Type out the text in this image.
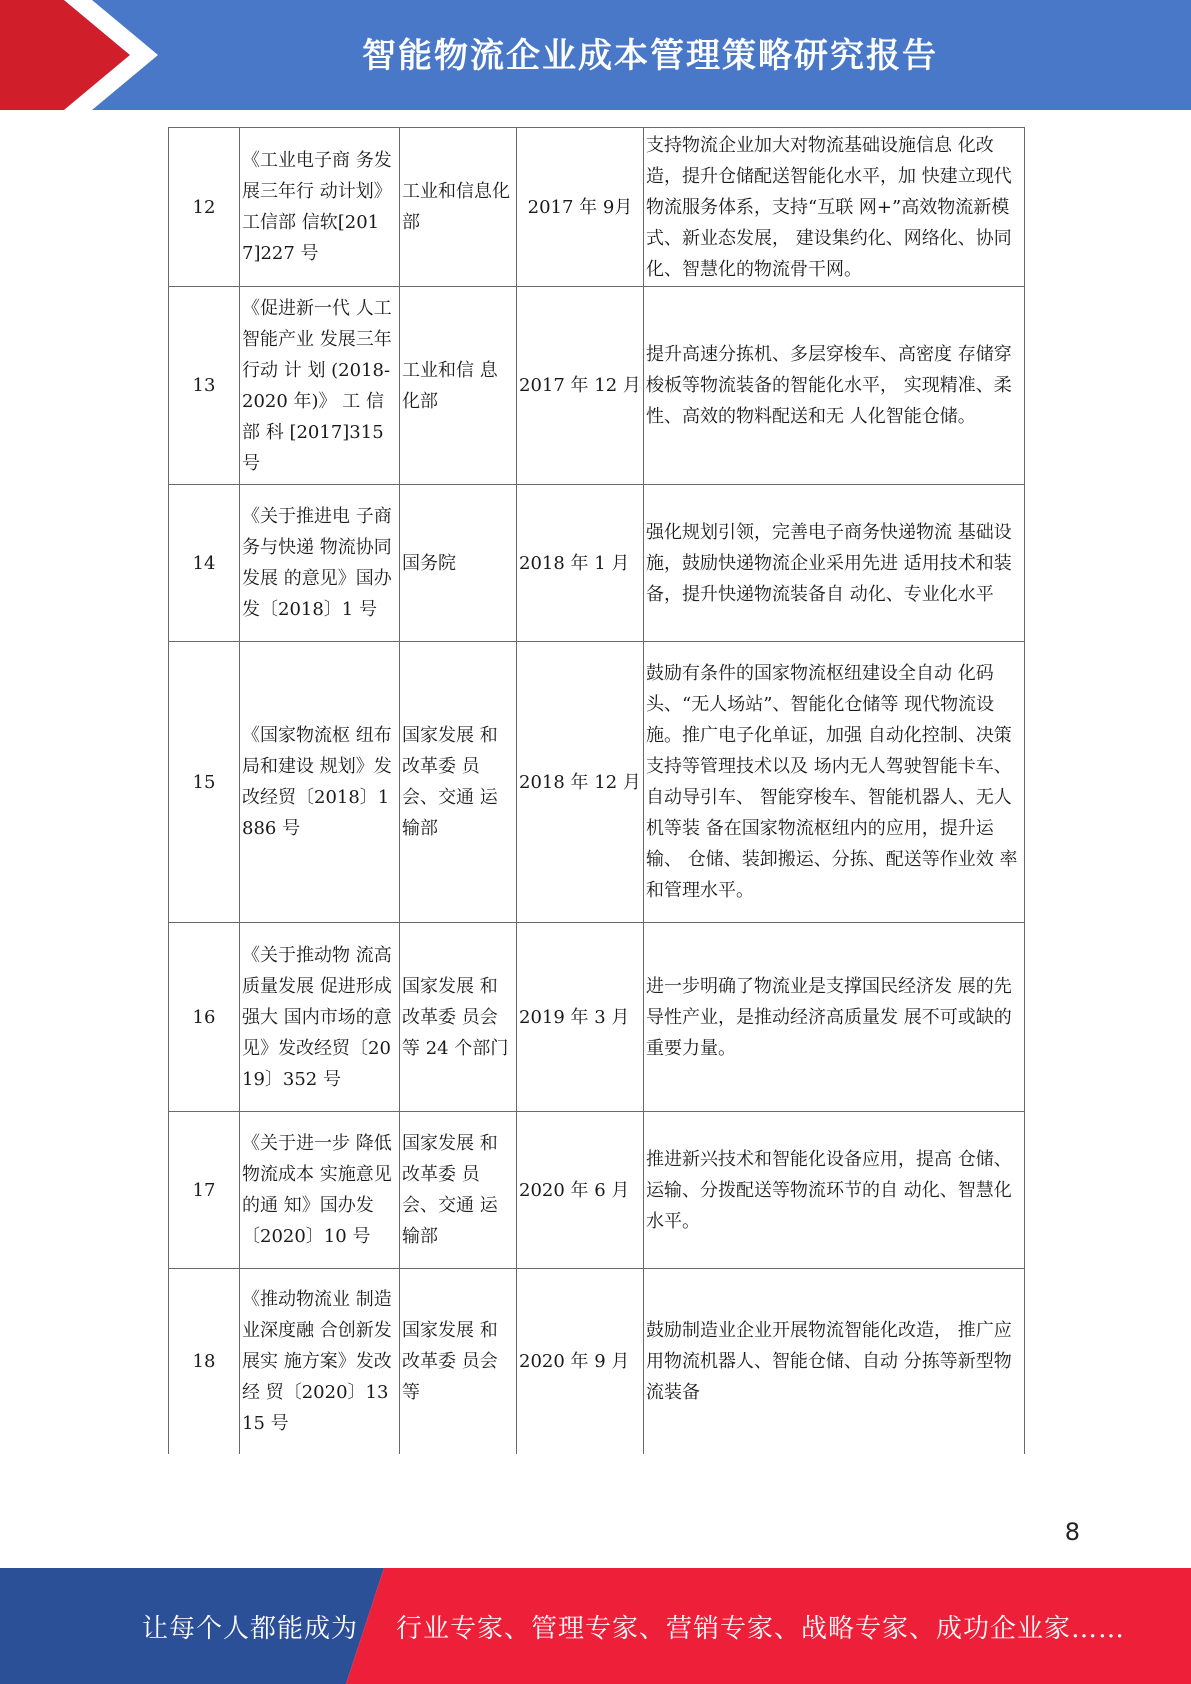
智能物流企业成本管理策略研究报告
12	《工业电子商 务发展三年行 动计划》工信部 信软[2017]227 号	工业和信息化部	2017 年 9月	支持物流企业加大对物流基础设施信息 化改造，提升仓储配送智能化水平，加 快建立现代物流服务体系，支持“互联 网+”高效物流新模式、新业态发展， 建设集约化、网络化、协同化、智慧化的物流骨干网。
13	《促进新一代 人工智能产业 发展三年行动 计 划 (2018-2020 年)》 工 信 部 科 [2017]315 号	工业和信 息化部	2017 年 12 月	提升高速分拣机、多层穿梭车、高密度 存储穿梭板等物流装备的智能化水平， 实现精准、柔性、高效的物料配送和无 人化智能仓储。
14	《关于推进电 子商务与快递 物流协同发展 的意见》国办发〔2018〕1 号	国务院	2018 年 1 月	强化规划引领，完善电子商务快递物流 基础设施，鼓励快递物流企业采用先进 适用技术和装备，提升快递物流装备自 动化、专业化水平
15	《国家物流枢 纽布局和建设 规划》发改经贸〔2018〕1886 号	国家发展 和改革委 员会、交通 运输部	2018 年 12 月	鼓励有条件的国家物流枢纽建设全自动 化码头、“无人场站”、智能化仓储等 现代物流设施。推广电子化单证，加强 自动化控制、决策支持等管理技术以及 场内无人驾驶智能卡车、自动导引车、 智能穿梭车、智能机器人、无人机等装 备在国家物流枢纽内的应用，提升运输、 仓储、装卸搬运、分拣、配送等作业效 率和管理水平。
16	《关于推动物 流高质量发展 促进形成强大 国内市场的意 见》发改经贸〔2019〕352 号	国家发展 和改革委 员会等 24 个部门	2019 年 3 月	进一步明确了物流业是支撑国民经济发 展的先导性产业，是推动经济高质量发 展不可或缺的重要力量。
17	《关于进一步 降低物流成本 实施意见的通 知》国办发〔2020〕10 号	国家发展 和改革委 员会、交通 运输部	2020 年 6 月	推进新兴技术和智能化设备应用，提高 仓储、运输、分拨配送等物流环节的自 动化、智慧化水平。
18	《推动物流业 制造业深度融 合创新发展实 施方案》发改经 贸〔2020〕1315 号	国家发展 和改革委 员会等	2020 年 9 月	鼓励制造业企业开展物流智能化改造， 推广应用物流机器人、智能仓储、自动 分拣等新型物流装备
8
让每个人都能成为 行业专家、管理专家、营销专家、战略专家、成功企业家……
